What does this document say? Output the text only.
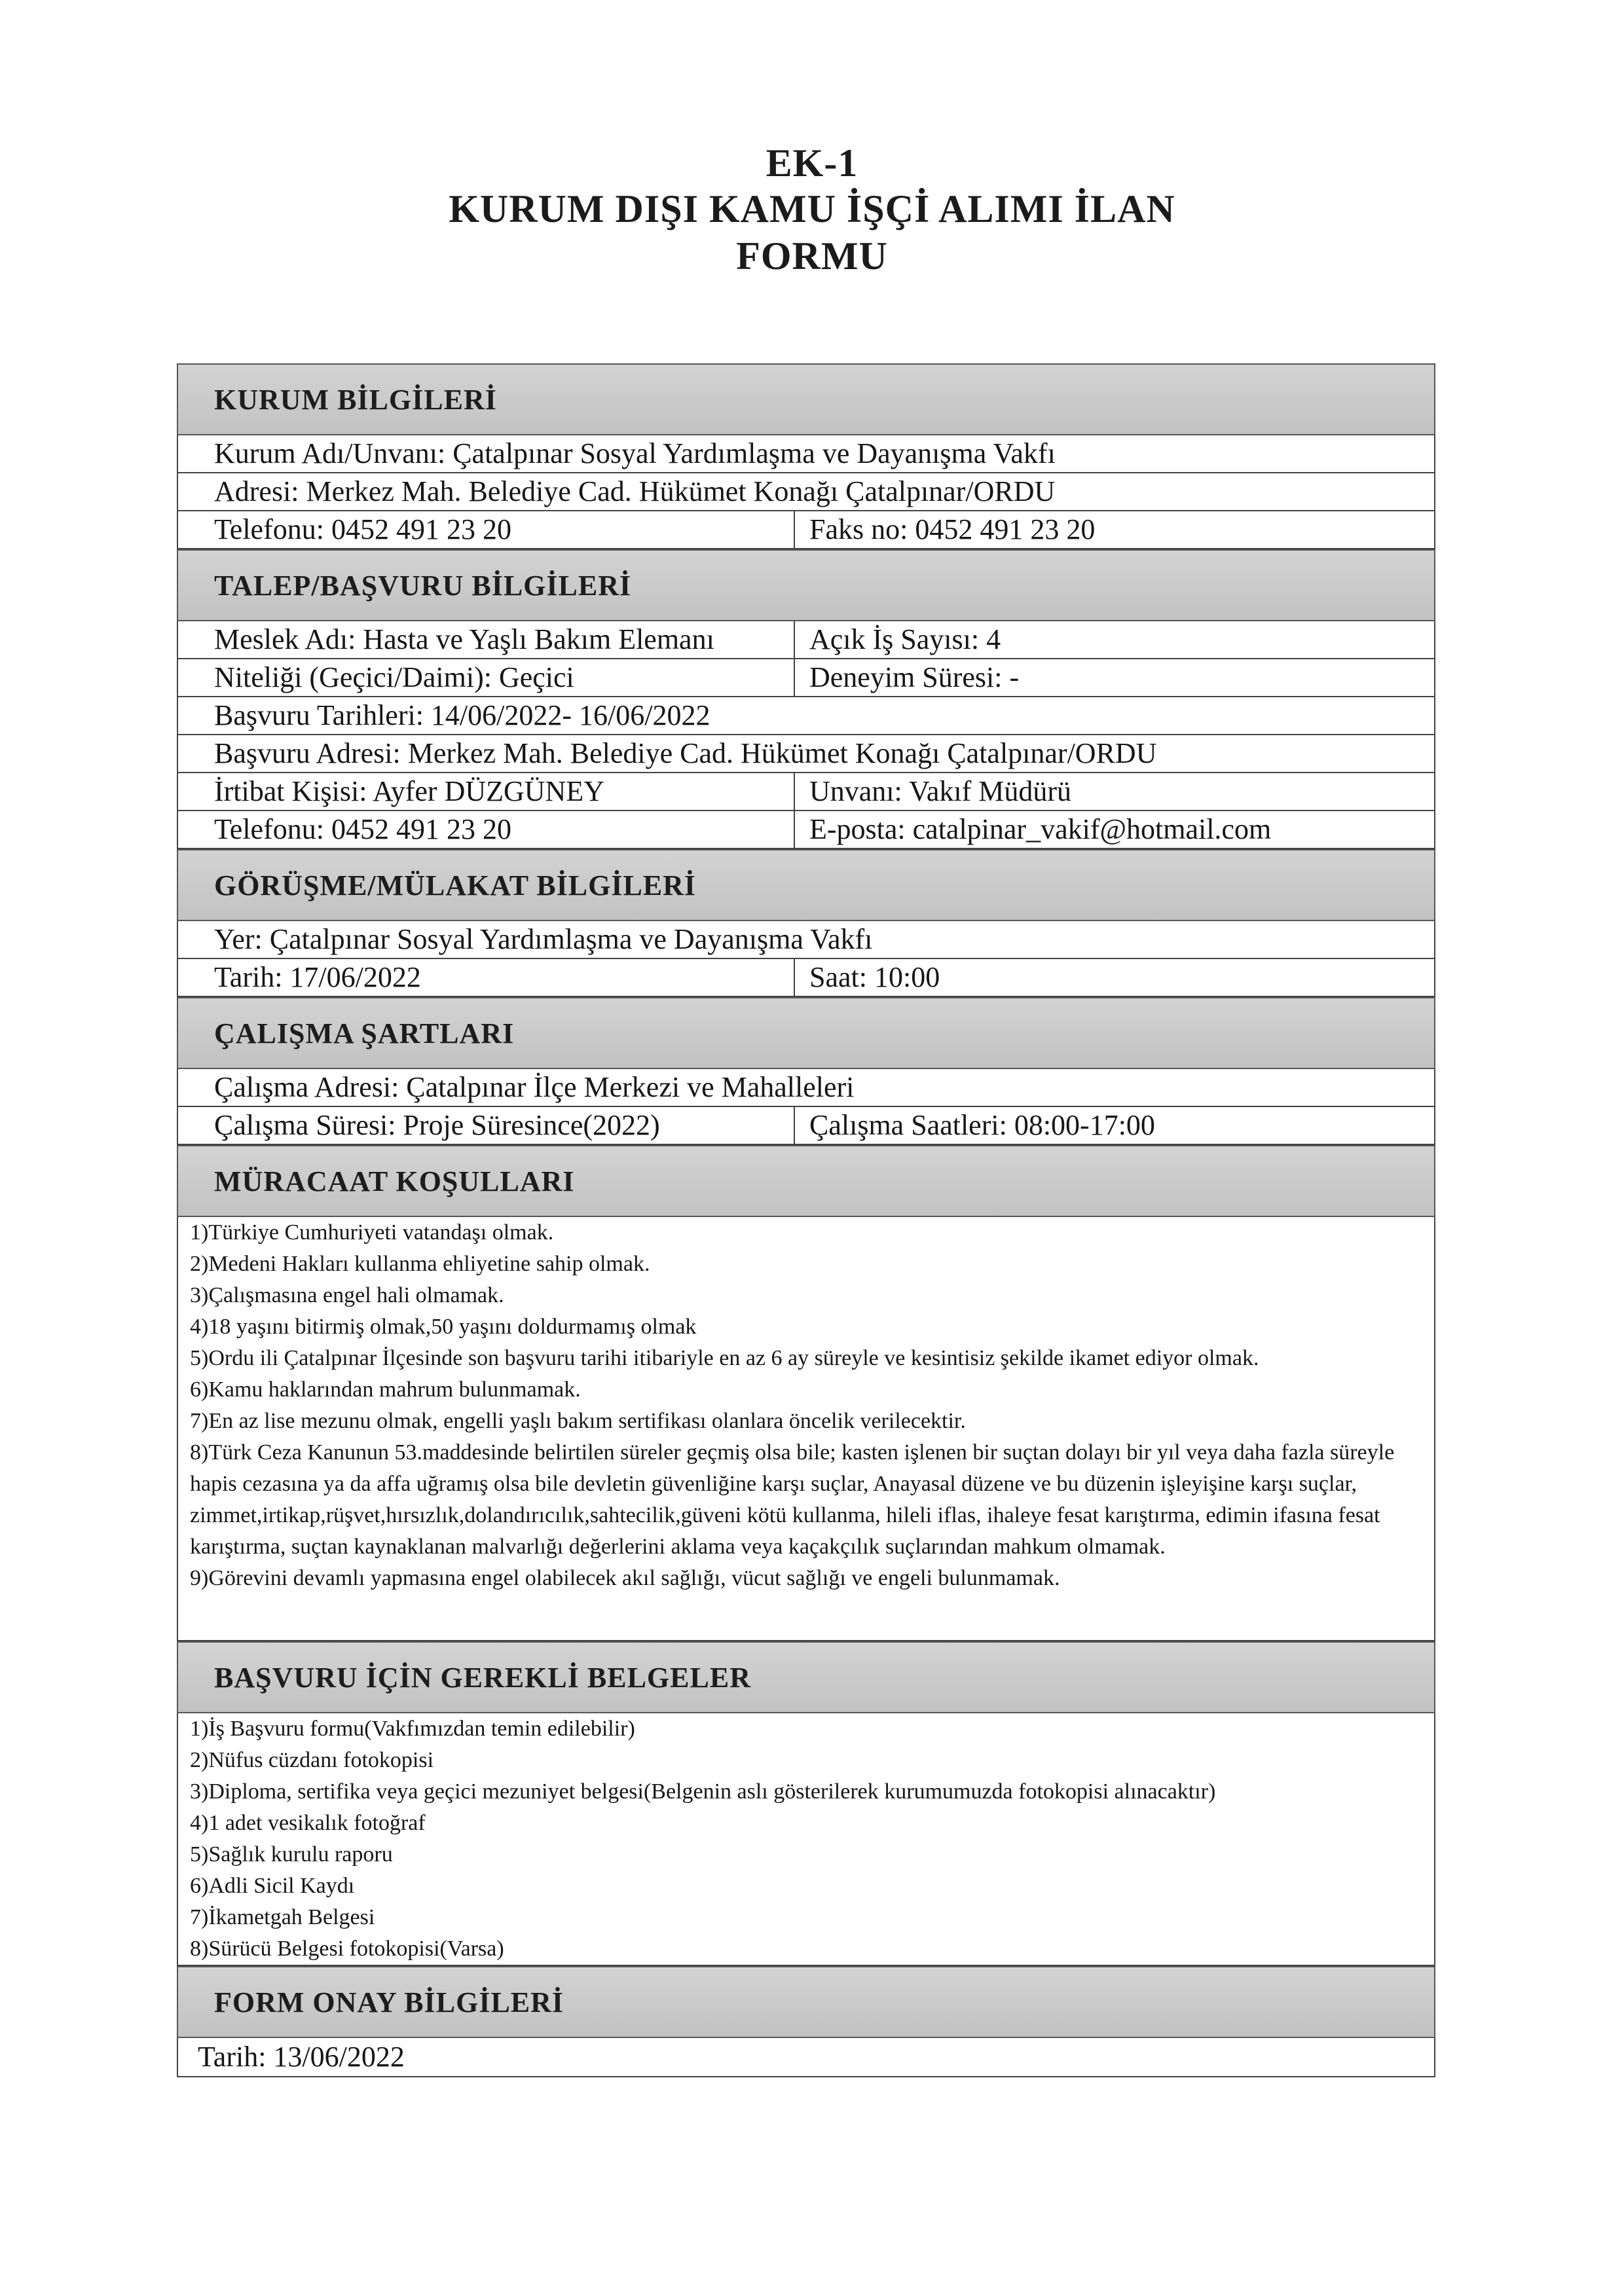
EK-1
KURUM DIŞI KAMU İŞÇİ ALIMI İLAN
FORMU
KURUM BİLGİLERİ
Kurum Adı/Unvanı: Çatalpınar Sosyal Yardımlaşma ve Dayanışma Vakfı
Adresi: Merkez Mah. Belediye Cad. Hükümet Konağı Çatalpınar/ORDU
Telefonu: 0452 491 23 20	Faks no: 0452 491 23 20
TALEP/BAŞVURU BİLGİLERİ
Meslek Adı: Hasta ve Yaşlı Bakım Elemanı	Açık İş Sayısı: 4
Niteliği (Geçici/Daimi): Geçici	Deneyim Süresi: -
Başvuru Tarihleri: 14/06/2022- 16/06/2022
Başvuru Adresi: Merkez Mah. Belediye Cad. Hükümet Konağı Çatalpınar/ORDU
İrtibat Kişisi: Ayfer DÜZGÜNEY	Unvanı: Vakıf Müdürü
Telefonu: 0452 491 23 20	E-posta: catalpinar_vakif@hotmail.com
GÖRÜŞME/MÜLAKAT BİLGİLERİ
Yer: Çatalpınar Sosyal Yardımlaşma ve Dayanışma Vakfı
Tarih: 17/06/2022	Saat: 10:00
ÇALIŞMA ŞARTLARI
Çalışma Adresi: Çatalpınar İlçe Merkezi ve Mahalleleri
Çalışma Süresi: Proje Süresince(2022)	Çalışma Saatleri: 08:00-17:00
MÜRACAAT KOŞULLARI

1)Türkiye Cumhuriyeti vatandaşı olmak.

2)Medeni Hakları kullanma ehliyetine sahip olmak.

3)Çalışmasına engel hali olmamak.

4)18 yaşını bitirmiş olmak,50 yaşını doldurmamış olmak

5)Ordu ili Çatalpınar İlçesinde son başvuru tarihi itibariyle en az 6 ay süreyle ve kesintisiz şekilde ikamet ediyor olmak.

6)Kamu haklarından mahrum bulunmamak.

7)En az lise mezunu olmak, engelli yaşlı bakım sertifikası olanlara öncelik verilecektir.

8)Türk Ceza Kanunun 53.maddesinde belirtilen süreler geçmiş olsa bile; kasten işlenen bir suçtan dolayı bir yıl veya daha fazla süreyle hapis cezasına ya da affa uğramış olsa bile devletin güvenliğine karşı suçlar, Anayasal düzene ve bu düzenin işleyişine karşı suçlar, zimmet,irtikap,rüşvet,hırsızlık,dolandırıcılık,sahtecilik,güveni kötü kullanma, hileli iflas, ihaleye fesat karıştırma, edimin ifasına fesat karıştırma, suçtan kaynaklanan malvarlığı değerlerini aklama veya kaçakçılık suçlarından mahkum olmamak.

9)Görevini devamlı yapmasına engel olabilecek akıl sağlığı, vücut sağlığı ve engeli bulunmamak.

BAŞVURU İÇİN GEREKLİ BELGELER

1)İş Başvuru formu(Vakfımızdan temin edilebilir)

2)Nüfus cüzdanı fotokopisi

3)Diploma, sertifika veya geçici mezuniyet belgesi(Belgenin aslı gösterilerek kurumumuzda fotokopisi alınacaktır)

4)1 adet vesikalık fotoğraf

5)Sağlık kurulu raporu

6)Adli Sicil Kaydı

7)İkametgah Belgesi

8)Sürücü Belgesi fotokopisi(Varsa)

FORM ONAY BİLGİLERİ
Tarih: 13/06/2022
